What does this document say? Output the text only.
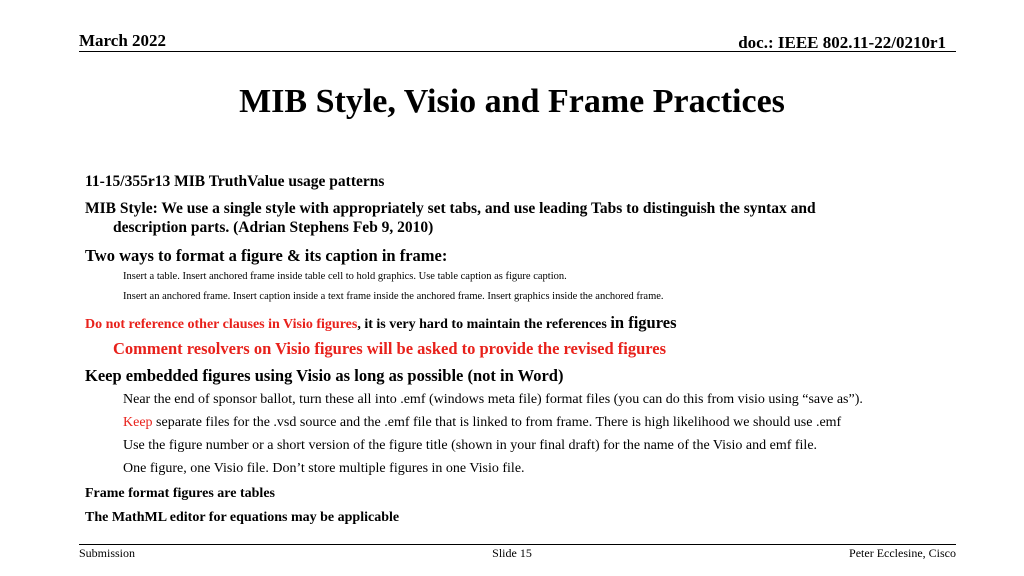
March 2022	doc.: IEEE 802.11-22/0210r1
MIB Style, Visio and Frame Practices
11-15/355r13 MIB TruthValue usage patterns
MIB Style: We use a single style with appropriately set tabs, and use leading Tabs to distinguish the syntax and
description parts. (Adrian Stephens Feb 9, 2010)
Two ways to format a figure & its caption in frame:
Insert a table. Insert anchored frame inside table cell to hold graphics. Use table caption as figure caption.
Insert an anchored frame. Insert caption inside a text frame inside the anchored frame. Insert graphics inside the anchored frame.
Do not reference other clauses in Visio figures, it is very hard to maintain the references in figures
Comment resolvers on Visio figures will be asked to provide the revised figures
Keep embedded figures using Visio as long as possible (not in Word)
Near the end of sponsor ballot, turn these all into .emf (windows meta file) format files (you can do this from visio using “save as”).
Keep separate files for the .vsd source and the .emf file that is linked to from frame. There is high likelihood we should use .emf
Use the figure number or a short version of the figure title (shown in your final draft) for the name of the Visio and emf file.
One figure, one Visio file. Don’t store multiple figures in one Visio file.
Frame format figures are tables
The MathML editor for equations may be applicable
Submission	Slide 15	Peter Ecclesine, Cisco
